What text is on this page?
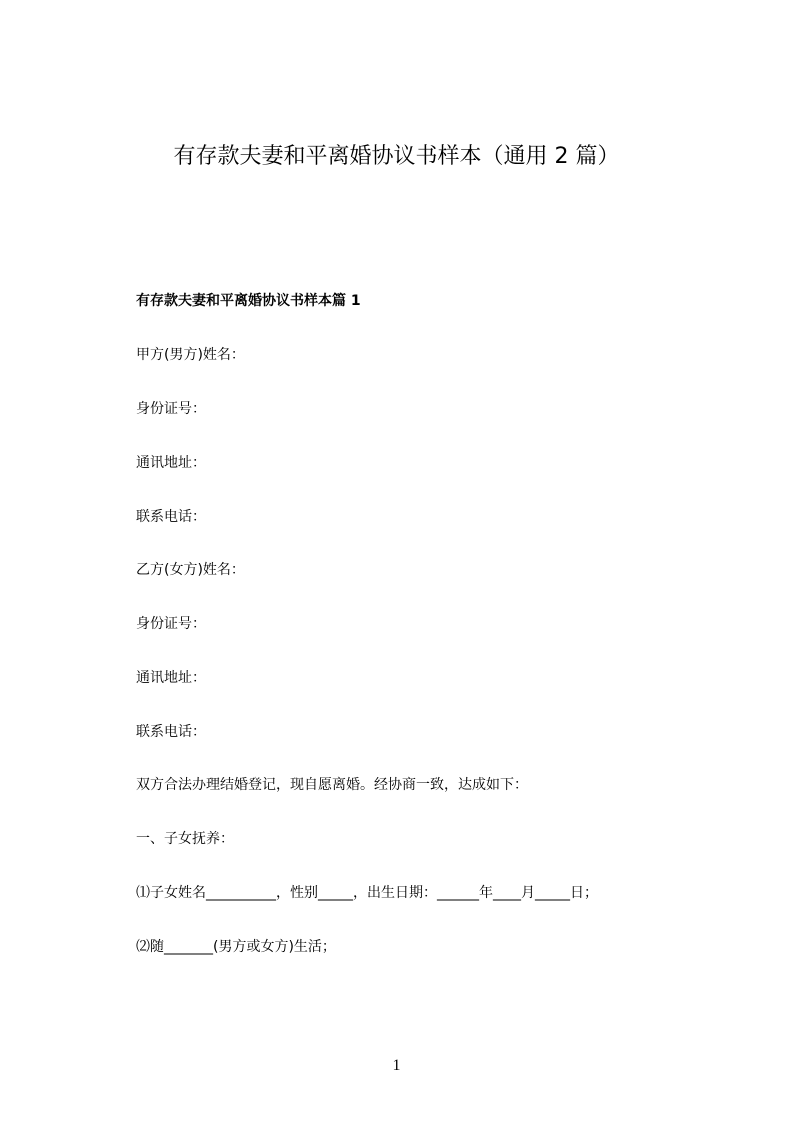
有存款夫妻和平离婚协议书样本（通用 2 篇）

有存款夫妻和平离婚协议书样本篇 1

甲方(男方)姓名：

身份证号：

通讯地址：

联系电话：

乙方(女方)姓名：

身份证号：

通讯地址：

联系电话：

双方合法办理结婚登记，现自愿离婚。经协商一致，达成如下：

一、子女抚养：

⑴子女姓名__________，性别_____，出生日期：______年____月_____日；

⑵随_______(男方或女方)生活；

1
